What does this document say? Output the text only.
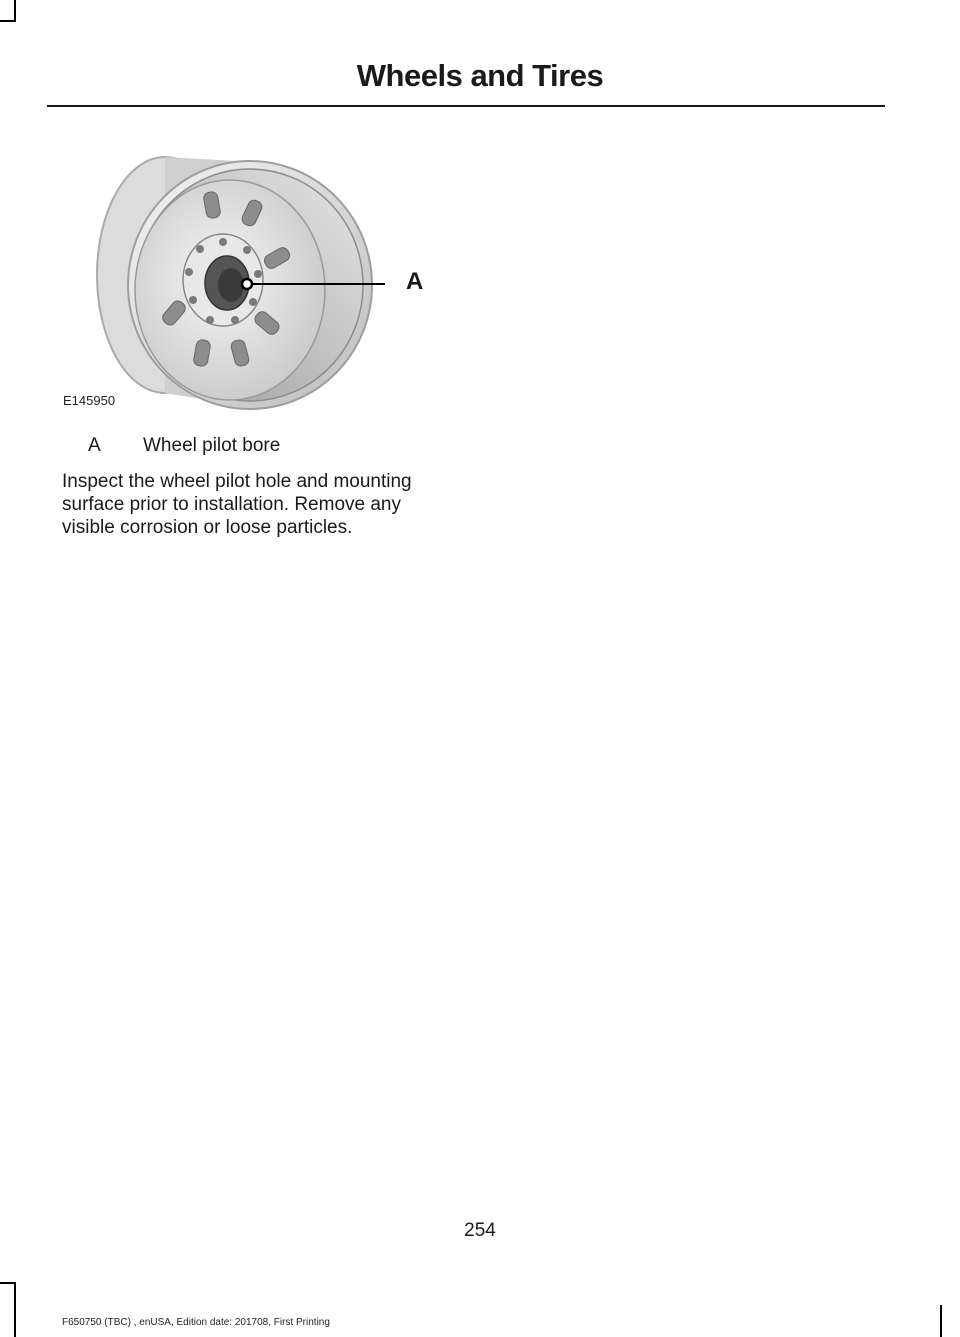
Wheels and Tires
A
E145950
A Wheel pilot bore

Inspect the wheel pilot hole and mounting surface prior to installation. Remove any visible corrosion or loose particles.

254
F650750 (TBC) , enUSA, Edition date: 201708, First Printing
